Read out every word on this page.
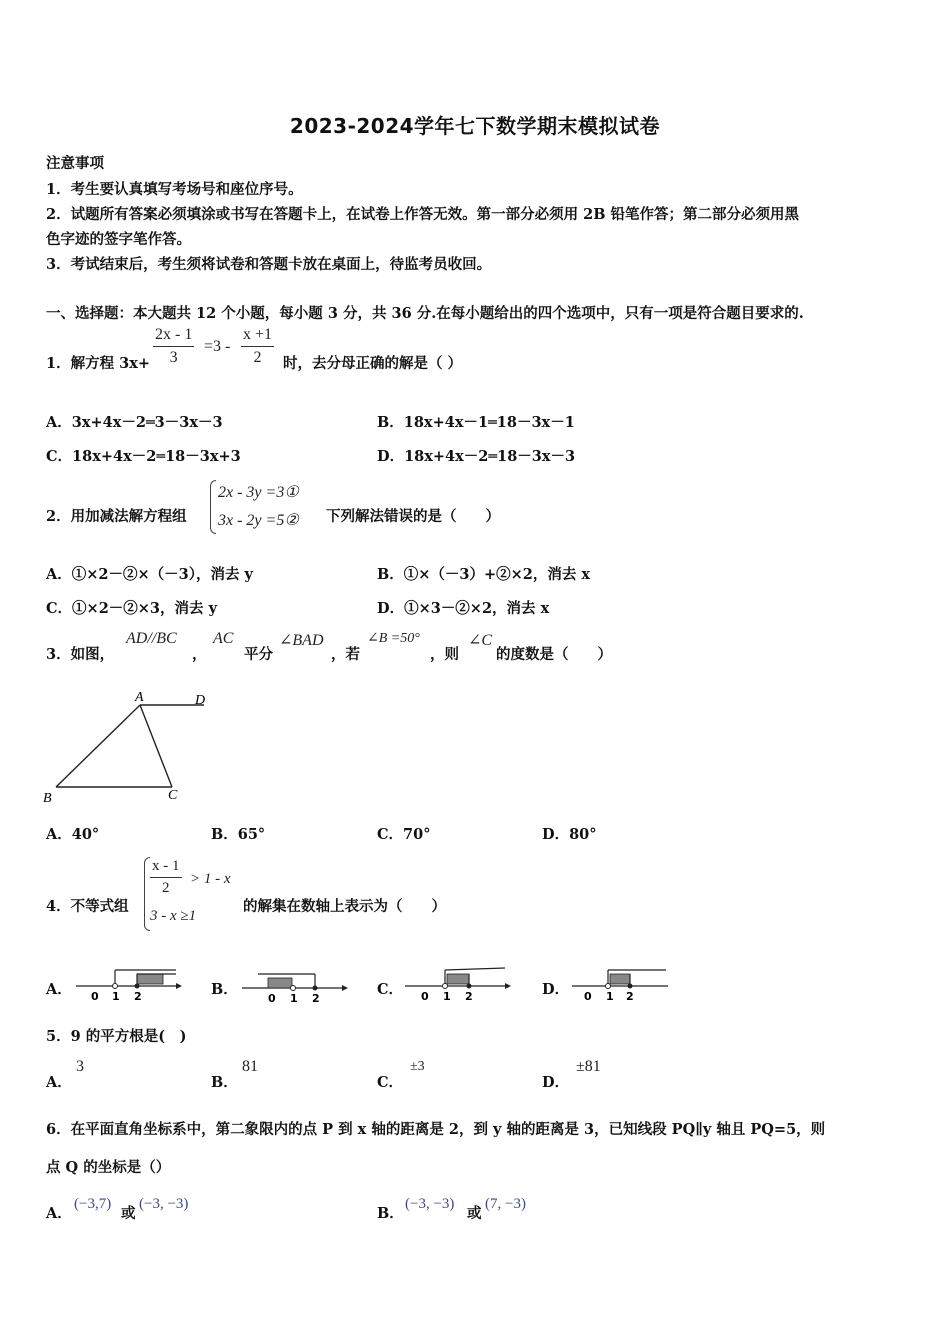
2023-2024学年七下数学期末模拟试卷
注意事项
1．考生要认真填写考场号和座位序号。
2．试题所有答案必须填涂或书写在答题卡上，在试卷上作答无效。第一部分必须用 2B 铅笔作答；第二部分必须用黑
色字迹的签字笔作答。
3．考试结束后，考生须将试卷和答题卡放在桌面上，待监考员收回。
一、选择题：本大题共 12 个小题，每小题 3 分，共 36 分.在每小题给出的四个选项中，只有一项是符合题目要求的.
1．解方程 $3x+ \frac{2x - 1}{3} =3 - \frac{x +1}{2}$ 时，去分母正确的解是（ ）
A．3x+4x－2═3－3x－3	B．18x+4x－1═18－3x－1
C．18x+4x－2═18－3x+3	D．18x+4x－2═18－3x－3
2．用加减法解方程组
2x - 3y =3①
3x - 2y =5② 下列解法错误的是（　　）
A．①×2－②×（－3），消去 y	B．①×（－3）+②×2，消去 x
C．①×2－②×3，消去 y	D．①×3－②×2，消去 x
3．如图，
AD//BC
，
AC
平分
∠BAD
，若
∠B =50°
，则
∠C
的度数是（　　）
A
B	C
D
A．40°	B．65°	C．70°	D．80°
4．不等式组
$\frac{x - 1}{2} > 1 - x$
3 - x ≥1
的解集在数轴上表示为（　　）
A． 0 1 2	B．
0 1 2
C． 0 1 2	D． 0 1 2
5．9 的平方根是(　)
A．
3
B．
81
C．
±3
D．
±81
6．在平面直角坐标系中，第二象限内的点 P 到 x 轴的距离是 2，到 y 轴的距离是 3，已知线段 PQ∥y 轴且 PQ=5，则
点 Q 的坐标是（）
A．
(−3,7)
或
(−3, −3)
B．
(−3, −3)
或
(7, −3)
